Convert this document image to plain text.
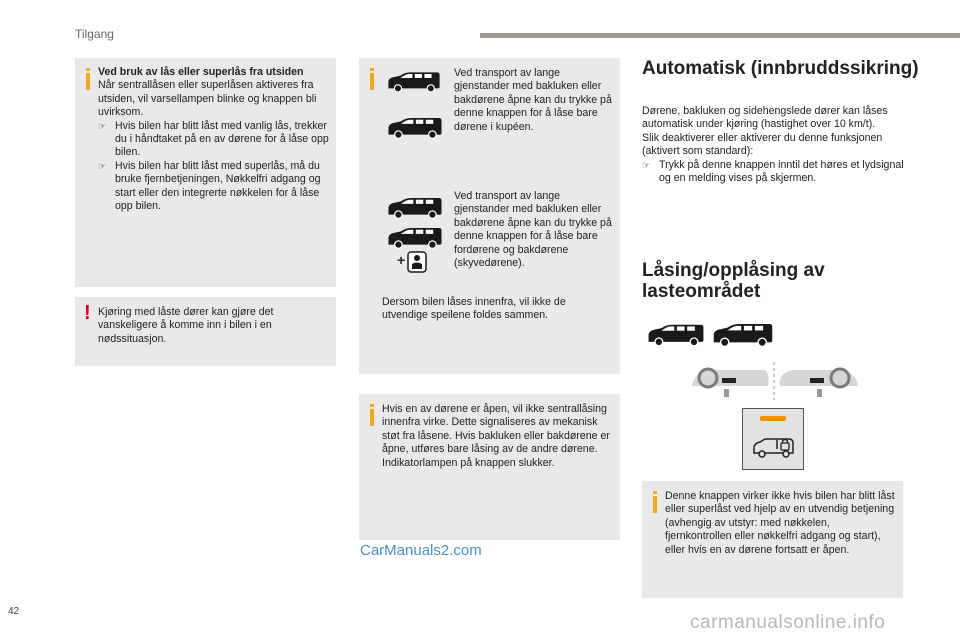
Tilgang

Ved bruk av lås eller superlås fra utsiden

Når sentrallåsen eller superlåsen aktiveres fra utsiden, vil varsellampen blinke og knappen bli uvirksom.

☞ Hvis bilen har blitt låst med vanlig lås, trekker du i håndtaket på en av dørene for å låse opp bilen.
☞ Hvis bilen har blitt låst med superlås, må du bruke fjernbetjeningen, Nøkkelfri adgang og start eller den integrerte nøkkelen for å låse opp bilen.
! Kjøring med låste dører kan gjøre det vanskeligere å komme inn i bilen i en nødssituasjon.
Ved transport av lange gjenstander med bakluken eller bakdørene åpne kan du trykke på denne knappen for å låse bare dørene i kupéen.
+
Ved transport av lange gjenstander med bakluken eller bakdørene åpne kan du trykke på denne knappen for å låse bare fordørene og bakdørene (skyvedørene).
Dersom bilen låses innenfra, vil ikke de utvendige speilene foldes sammen.
Hvis en av dørene er åpen, vil ikke sentrallåsing innenfra virke. Dette signaliseres av mekanisk støt fra låsene. Hvis bakluken eller bakdørene er åpne, utføres bare låsing av de andre dørene. Indikatorlampen på knappen slukker.
Automatisk (innbruddssikring)

Dørene, bakluken og sidehengslede dører kan låses automatisk under kjøring (hastighet over 10 km/t).

Slik deaktiverer eller aktiverer du denne funksjonen (aktivert som standard):

☞ Trykk på denne knappen inntil det høres et lydsignal og en melding vises på skjermen.
Låsing/opplåsing av lasteområdet
Denne knappen virker ikke hvis bilen har blitt låst eller superlåst ved hjelp av en utvendig betjening (avhengig av utstyr: med nøkkelen, fjernkontrollen eller nøkkelfri adgang og start), eller hvis en av dørene fortsatt er åpen.
CarManuals2.com
42
carmanualsonline.info
